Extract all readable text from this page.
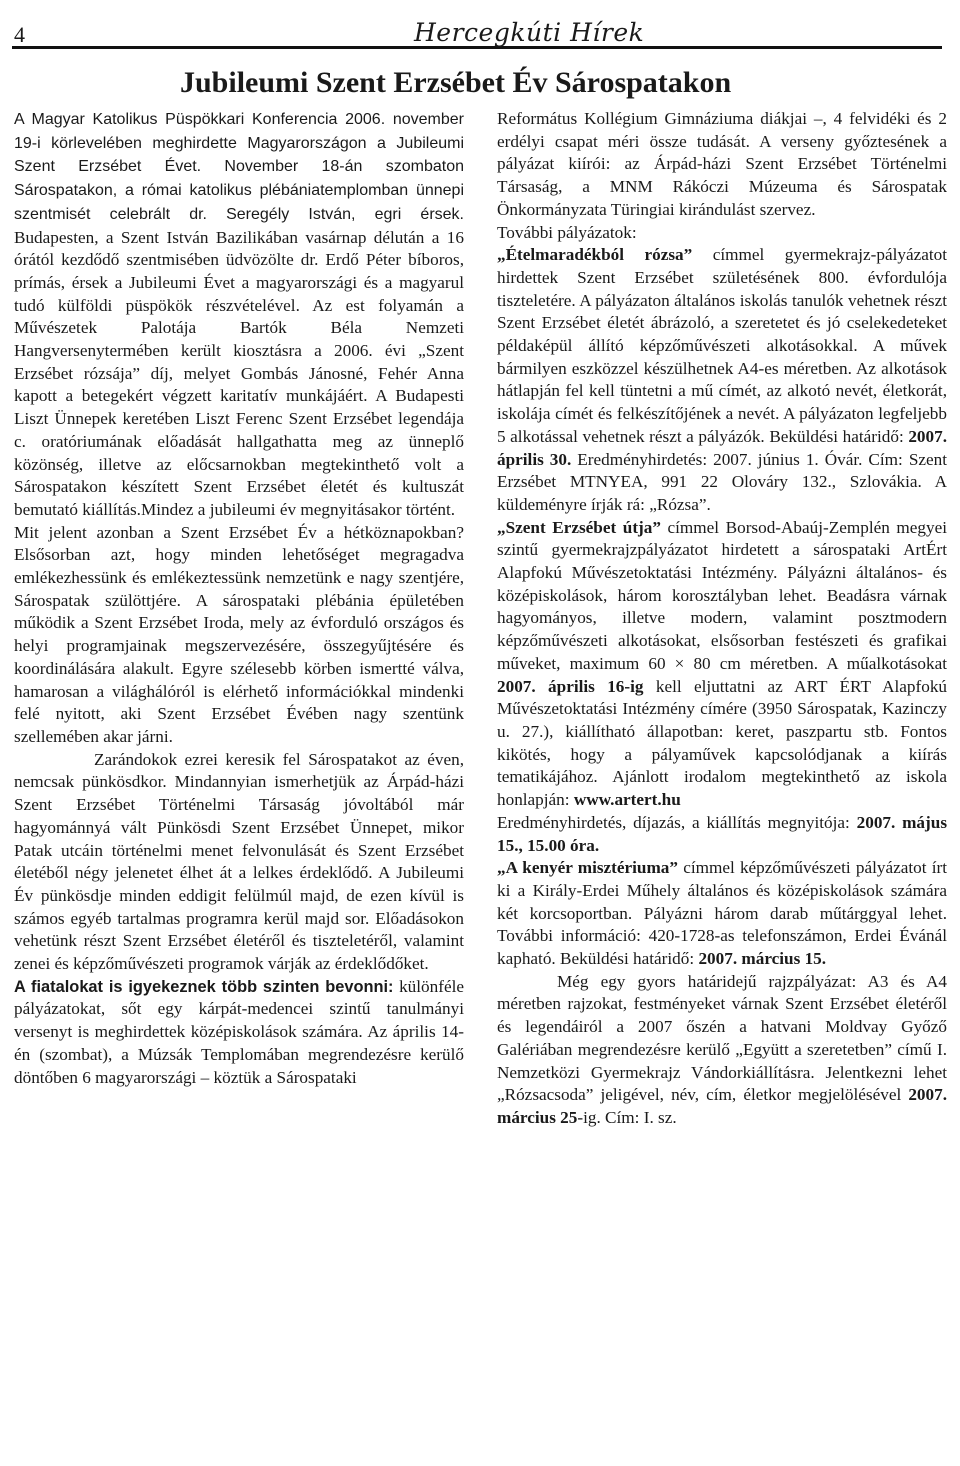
4	Hercegkúti Hírek
Jubileumi Szent Erzsébet Év Sárospatakon

A Magyar Katolikus Püspökkari Konferencia 2006. november 19-i körlevelében meghirdette Magyarországon a Jubileumi Szent Erzsébet Évet. November 18-án szombaton Sárospatakon, a római katolikus plébániatemplomban ünnepi szentmisét celebrált dr. Seregély István, egri érsek. Budapesten, a Szent István Bazilikában vasárnap délután a 16 órától kezdődő szentmisében üdvözölte dr. Erdő Péter bíboros, prímás, érsek a Jubileumi Évet a magyarországi és a magyarul tudó külföldi püspökök részvételével. Az est folyamán a Művészetek Palotája Bartók Béla Nemzeti Hangversenytermében került kiosztásra a 2006. évi „Szent Erzsébet rózsája” díj, melyet Gombás Jánosné, Fehér Anna kapott a betegekért végzett karitatív munkájáért. A Budapesti Liszt Ünnepek keretében Liszt Ferenc Szent Erzsébet legendája c. oratóriumának előadását hallgathatta meg az ünneplő közönség, illetve az előcsarnokban megtekinthető volt a Sárospatakon készített Szent Erzsébet életét és kultuszát bemutató kiállítás.Mindez a jubileumi év megnyitásakor történt.

Mit jelent azonban a Szent Erzsébet Év a hétköznapokban? Elsősorban azt, hogy minden lehetőséget megragadva emlékezhessünk és emlékeztessünk nemzetünk e nagy szentjére, Sárospatak szülöttjére. A sárospataki plébánia épületében működik a Szent Erzsébet Iroda, mely az évforduló országos és helyi programjainak megszervezésére, összegyűjtésére és koordinálására alakult. Egyre szélesebb körben ismertté válva, hamarosan a világhálóról is elérhető információkkal mindenki felé nyitott, aki Szent Erzsébet Évében nagy szentünk szellemében akar járni.

Zarándokok ezrei keresik fel Sárospatakot az éven, nemcsak pünkösdkor. Mindannyian ismerhetjük az Árpád-házi Szent Erzsébet Történelmi Társaság jóvoltából már hagyománnyá vált Pünkösdi Szent Erzsébet Ünnepet, mikor Patak utcáin történelmi menet felvonulását és Szent Erzsébet életéből négy jelenetet élhet át a lelkes érdeklődő. A Jubileumi Év pünkösdje minden eddigit felülmúl majd, de ezen kívül is számos egyéb tartalmas programra kerül majd sor. Előadásokon vehetünk részt Szent Erzsébet életéről és tiszteletéről, valamint zenei és képzőművészeti programok várják az érdeklődőket.

A fiatalokat is igyekeznek több szinten bevonni: különféle pályázatokat, sőt egy kárpát-medencei szintű tanulmányi versenyt is meghirdettek középiskolások számára. Az április 14-én (szombat), a Múzsák Templomában megrendezésre kerülő döntőben 6 magyarországi – köztük a Sárospataki

Református Kollégium Gimnáziuma diákjai –, 4 felvidéki és 2 erdélyi csapat méri össze tudását. A verseny győztesének a pályázat kiírói: az Árpád-házi Szent Erzsébet Történelmi Társaság, a MNM Rákóczi Múzeuma és Sárospatak Önkormányzata Türingiai kirándulást szervez.

További pályázatok:

„Ételmaradékból rózsa” címmel gyermekrajz-pályázatot hirdettek Szent Erzsébet születésének 800. évfordulója tiszteletére. A pályázaton általános iskolás tanulók vehetnek részt Szent Erzsébet életét ábrázoló, a szeretetet és jó cselekedeteket példaképül állító képzőművészeti alkotásokkal. A művek bármilyen eszközzel készülhetnek A4-es méretben. Az alkotások hátlapján fel kell tüntetni a mű címét, az alkotó nevét, életkorát, iskolája címét és felkészítőjének a nevét. A pályázaton legfeljebb 5 alkotással vehetnek részt a pályázók. Beküldési határidő: 2007. április 30. Eredményhirdetés: 2007. június 1. Óvár. Cím: Szent Erzsébet MTNYEA, 991 22 Olováry 132., Szlovákia. A küldeményre írják rá: „Rózsa”.

„Szent Erzsébet útja” címmel Borsod-Abaúj-Zemplén megyei szintű gyermekrajzpályázatot hirdetett a sárospataki ArtÉrt Alapfokú Művészetoktatási Intézmény. Pályázni általános- és középiskolások, három korosztályban lehet. Beadásra várnak hagyományos, illetve modern, valamint posztmodern képzőművészeti alkotásokat, elsősorban festészeti és grafikai műveket, maximum 60 × 80 cm méretben. A műalkotásokat 2007. április 16-ig kell eljuttatni az ART ÉRT Alapfokú Művészetoktatási Intézmény címére (3950 Sárospatak, Kazinczy u. 27.), kiállítható állapotban: keret, paszpartu stb. Fontos kikötés, hogy a pályaművek kapcsolódjanak a kiírás tematikájához. Ajánlott irodalom megtekinthető az iskola honlapján: www.artert.hu

Eredményhirdetés, díjazás, a kiállítás megnyitója: 2007. május 15., 15.00 óra.

„A kenyér misztériuma” címmel képzőművészeti pályázatot írt ki a Király-Erdei Műhely általános és középiskolások számára két korcsoportban. Pályázni három darab műtárggyal lehet. További információ: 420-1728-as telefonszámon, Erdei Évánál kapható. Beküldési határidő: 2007. március 15.

Még egy gyors határidejű rajzpályázat: A3 és A4 méretben rajzokat, festményeket várnak Szent Erzsébet életéről és legendáiról a 2007 őszén a hatvani Moldvay Győző Galériában megrendezésre kerülő „Együtt a szeretetben” című I. Nemzetközi Gyermekrajz Vándorkiállításra. Jelentkezni lehet „Rózsacsoda” jeligével, név, cím, életkor megjelölésével 2007. március 25-ig. Cím: I. sz.
